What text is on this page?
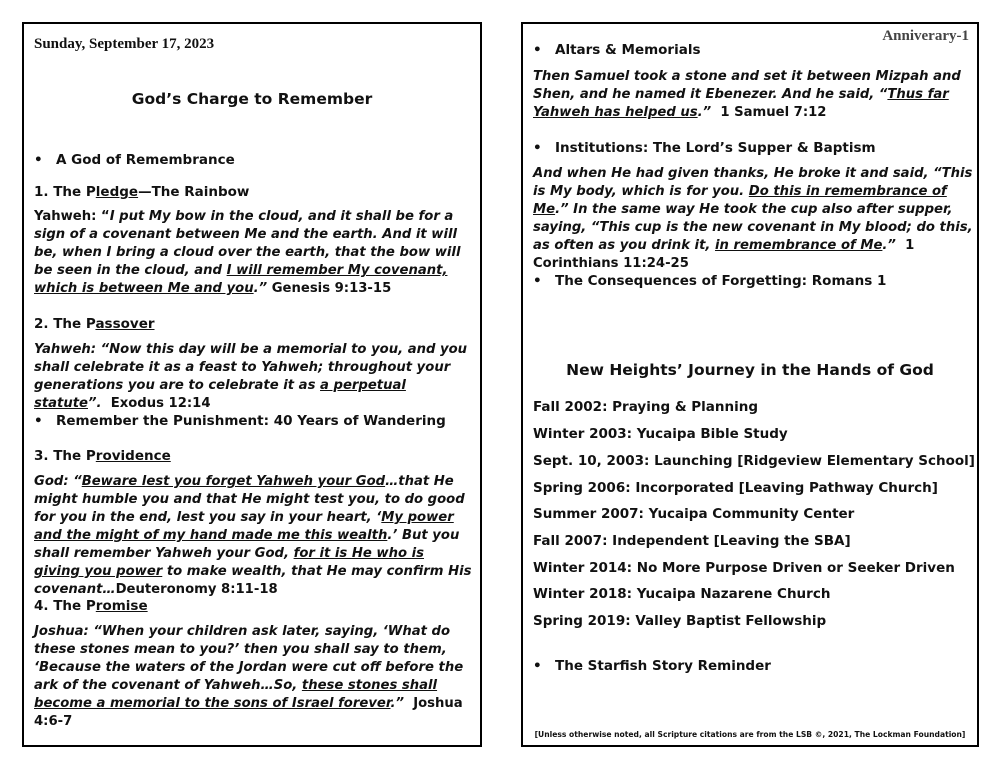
Sunday, September 17, 2023
God’s Charge to Remember
• A God of Remembrance
1. The Pledge—The Rainbow
Yahweh: “I put My bow in the cloud, and it shall be for a sign of a covenant between Me and the earth. And it will be, when I bring a cloud over the earth, that the bow will be seen in the cloud, and I will remember My covenant, which is between Me and you.” Genesis 9:13-15
2. The Passover
Yahweh: “Now this day will be a memorial to you, and you shall celebrate it as a feast to Yahweh; throughout your generations you are to celebrate it as a perpetual statute”. Exodus 12:14
• Remember the Punishment: 40 Years of Wandering
3. The Providence
God: “Beware lest you forget Yahweh your God…that He might humble you and that He might test you, to do good for you in the end, lest you say in your heart, ‘My power and the might of my hand made me this wealth.’ But you shall remember Yahweh your God, for it is He who is giving you power to make wealth, that He may confirm His covenant…Deuteronomy 8:11-18
4. The Promise
Joshua: “When your children ask later, saying, ‘What do these stones mean to you?’ then you shall say to them, ‘Because the waters of the Jordan were cut off before the ark of the covenant of Yahweh…So, these stones shall become a memorial to the sons of Israel forever.” Joshua 4:6-7
Anniverary-1
• Altars & Memorials
Then Samuel took a stone and set it between Mizpah and Shen, and he named it Ebenezer. And he said, “Thus far Yahweh has helped us.” 1 Samuel 7:12
• Institutions: The Lord’s Supper & Baptism
And when He had given thanks, He broke it and said, “This is My body, which is for you. Do this in remembrance of Me.” In the same way He took the cup also after supper, saying, “This cup is the new covenant in My blood; do this, as often as you drink it, in remembrance of Me.” 1 Corinthians 11:24-25
• The Consequences of Forgetting: Romans 1
New Heights’ Journey in the Hands of God
Fall 2002: Praying & Planning
Winter 2003: Yucaipa Bible Study
Sept. 10, 2003: Launching [Ridgeview Elementary School]
Spring 2006: Incorporated [Leaving Pathway Church]
Summer 2007: Yucaipa Community Center
Fall 2007: Independent [Leaving the SBA]
Winter 2014: No More Purpose Driven or Seeker Driven
Winter 2018: Yucaipa Nazarene Church
Spring 2019: Valley Baptist Fellowship
• The Starfish Story Reminder
[Unless otherwise noted, all Scripture citations are from the LSB ©, 2021, The Lockman Foundation]
